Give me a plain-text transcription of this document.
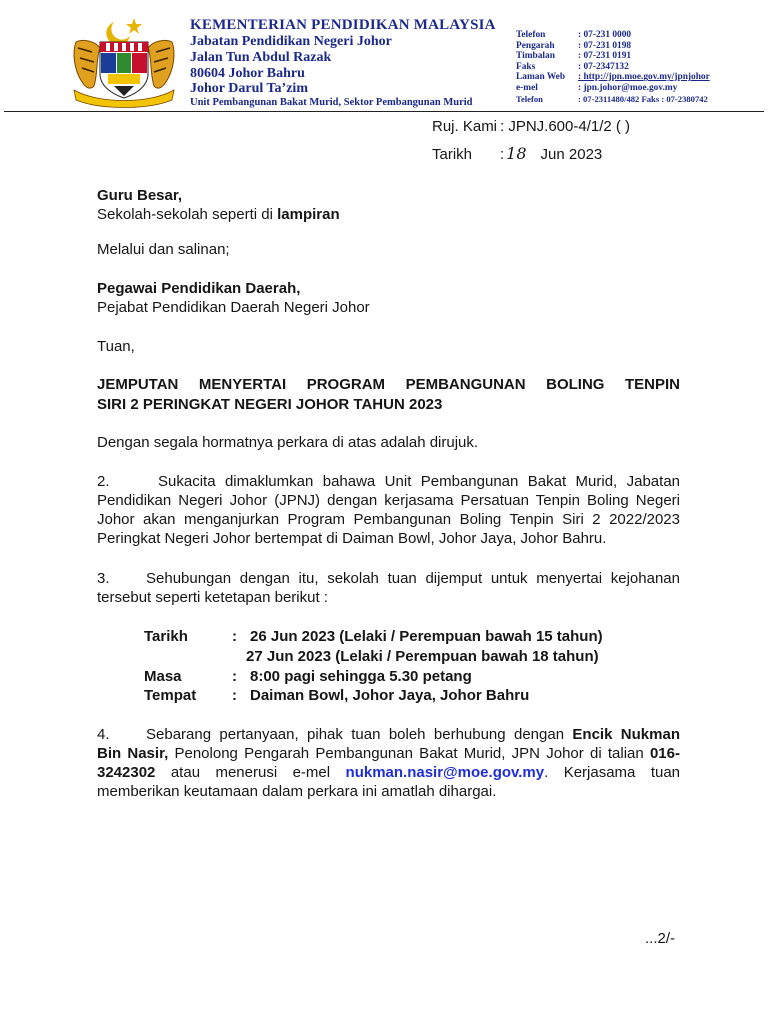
KEMENTERIAN PENDIDIKAN MALAYSIA
Jabatan Pendidikan Negeri Johor
Jalan Tun Abdul Razak
80604 Johor Bahru
Johor Darul Ta’zim
Unit Pembangunan Bakat Murid, Sektor Pembangunan Murid
Telefon	: 07-231 0000
Pengarah	: 07-231 0198
Timbalan	: 07-231 0191
Faks	: 07-2347132
Laman Web	: http://jpn.moe.gov.my/jpnjohor
e-mel	: jpn.johor@moe.gov.my
Telefon	: 07-2311480/482 Faks : 07-2380742
Ruj. Kami : JPNJ.600-4/1/2 ( )
Tarikh : 18 Jun 2023
Guru Besar,
Sekolah-sekolah seperti di lampiran
Melalui dan salinan;
Pegawai Pendidikan Daerah,
Pejabat Pendidikan Daerah Negeri Johor
Tuan,
JEMPUTAN MENYERTAI PROGRAM PEMBANGUNAN BOLING TENPIN
SIRI 2 PERINGKAT NEGERI JOHOR TAHUN 2023
Dengan segala hormatnya perkara di atas adalah dirujuk.
2.	Sukacita dimaklumkan bahawa Unit Pembangunan Bakat Murid, Jabatan
Pendidikan Negeri Johor (JPNJ) dengan kerjasama Persatuan Tenpin Boling Negeri
Johor akan menganjurkan Program Pembangunan Boling Tenpin Siri 2 2022/2023
Peringkat Negeri Johor bertempat di Daiman Bowl, Johor Jaya, Johor Bahru.
3. Sehubungan dengan itu, sekolah tuan dijemput untuk menyertai kejohanan
tersebut seperti ketetapan berikut :
Tarikh	: 26 Jun 2023 (Lelaki / Perempuan bawah 15 tahun)
27 Jun 2023 (Lelaki / Perempuan bawah 18 tahun)
Masa	: 8:00 pagi sehingga 5.30 petang
Tempat : Daiman Bowl, Johor Jaya, Johor Bahru
4. Sebarang pertanyaan, pihak tuan boleh berhubung dengan Encik Nukman
Bin Nasir, Penolong Pengarah Pembangunan Bakat Murid, JPN Johor di talian 016-
3242302 atau menerusi e-mel nukman.nasir@moe.gov.my. Kerjasama tuan
memberikan keutamaan dalam perkara ini amatlah dihargai.
...2/-
